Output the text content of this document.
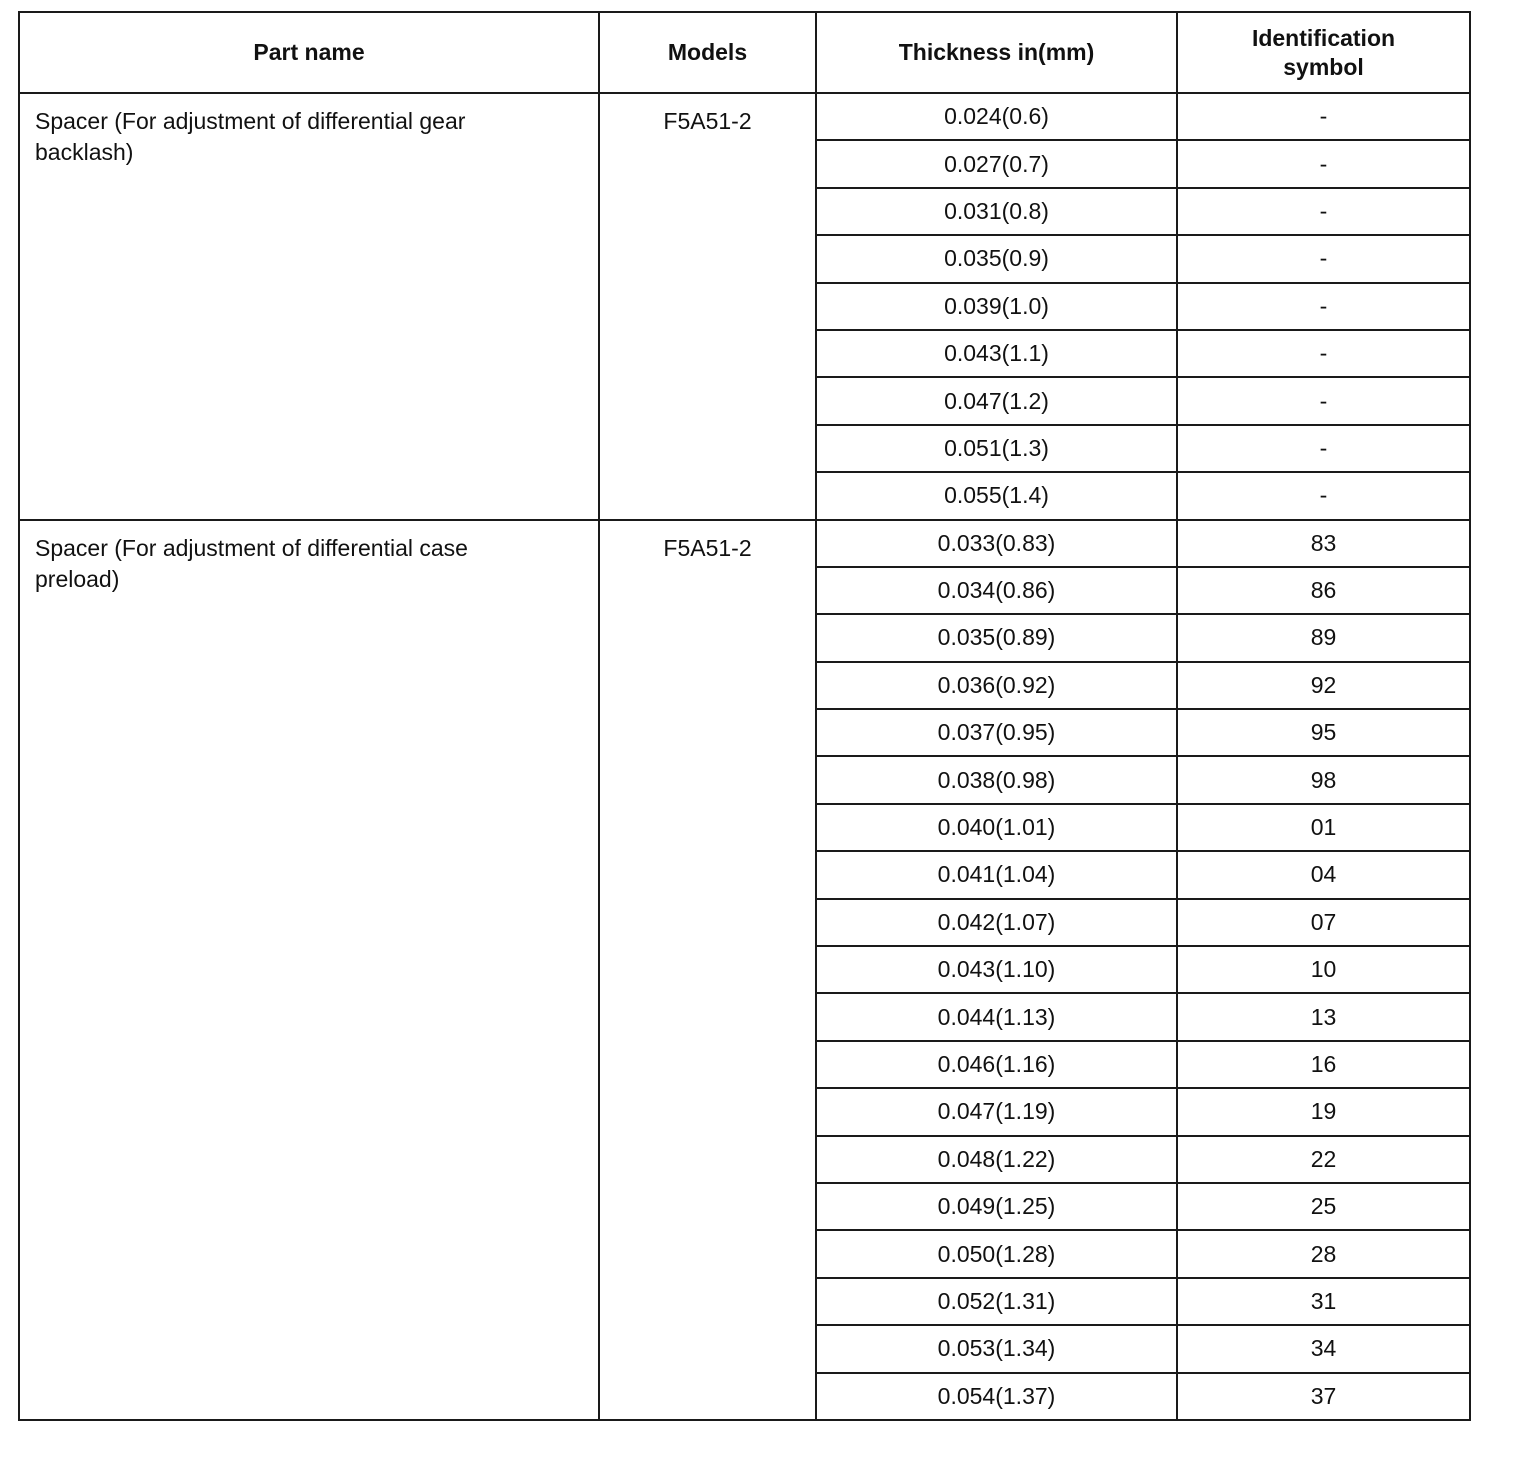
Part name	Models	Thickness in(mm)	Identification symbol
Spacer (For adjustment of differential gear backlash)	F5A51-2	0.024(0.6)	-
		0.027(0.7)	-
		0.031(0.8)	-
		0.035(0.9)	-
		0.039(1.0)	-
		0.043(1.1)	-
		0.047(1.2)	-
		0.051(1.3)	-
		0.055(1.4)	-
Spacer (For adjustment of differential case preload)	F5A51-2	0.033(0.83)	83
		0.034(0.86)	86
		0.035(0.89)	89
		0.036(0.92)	92
		0.037(0.95)	95
		0.038(0.98)	98
		0.040(1.01)	01
		0.041(1.04)	04
		0.042(1.07)	07
		0.043(1.10)	10
		0.044(1.13)	13
		0.046(1.16)	16
		0.047(1.19)	19
		0.048(1.22)	22
		0.049(1.25)	25
		0.050(1.28)	28
		0.052(1.31)	31
		0.053(1.34)	34
		0.054(1.37)	37
